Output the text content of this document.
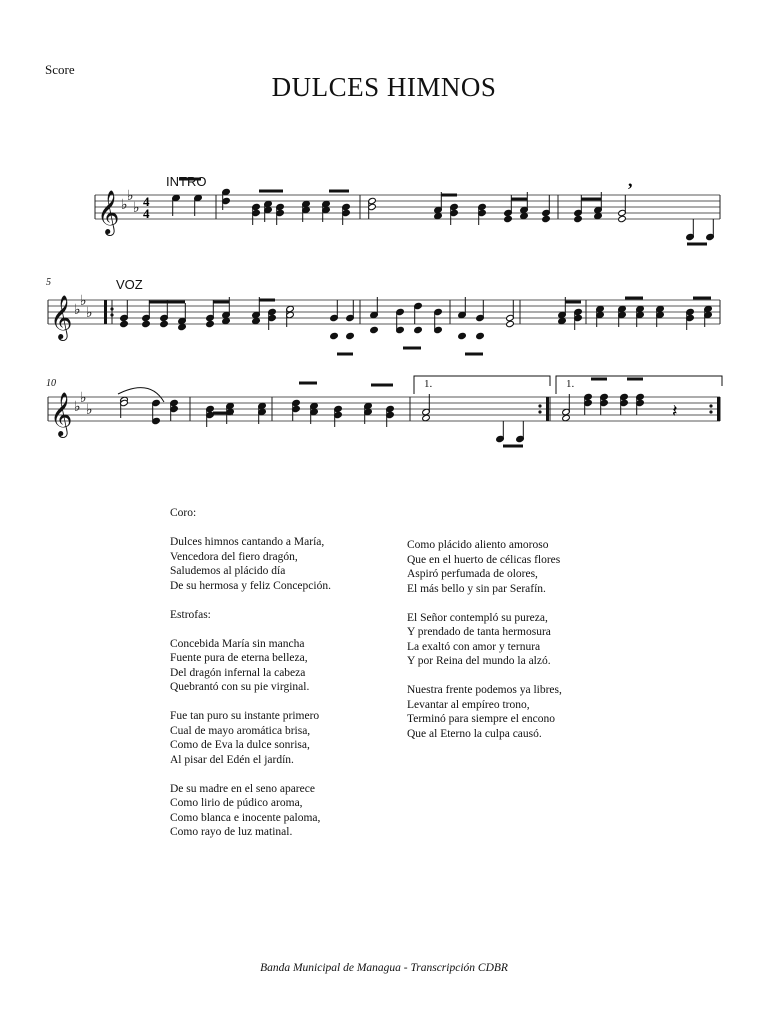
Score
DULCES HIMNOS
INTRO
VOZ
5
10	1.	1.
𝄞 ♭
♭
♭ 4
4
,
𝄞 ♭
♭
♭
𝄞 ♭
♭
♭	𝄽
Coro:
Dulces himnos cantando a María,
Vencedora del fiero dragón,
Saludemos al plácido día
De su hermosa y feliz Concepción.
Estrofas:
Concebida María sin mancha
Fuente pura de eterna belleza,
Del dragón infernal la cabeza
Quebrantó con su pie virginal.
Fue tan puro su instante primero
Cual de mayo aromática brisa,
Como de Eva la dulce sonrisa,
Al pisar del Edén el jardín.
De su madre en el seno aparece
Como lirio de púdico aroma,
Como blanca e inocente paloma,
Como rayo de luz matinal.
Como plácido aliento amoroso
Que en el huerto de célicas flores
Aspiró perfumada de olores,
El más bello y sin par Serafín.
El Señor contempló su pureza,
Y prendado de tanta hermosura
La exaltó con amor y ternura
Y por Reina del mundo la alzó.
Nuestra frente podemos ya libres,
Levantar al empíreo trono,
Terminó para siempre el encono
Que al Eterno la culpa causó.
Banda Municipal de Managua - Transcripción CDBR
